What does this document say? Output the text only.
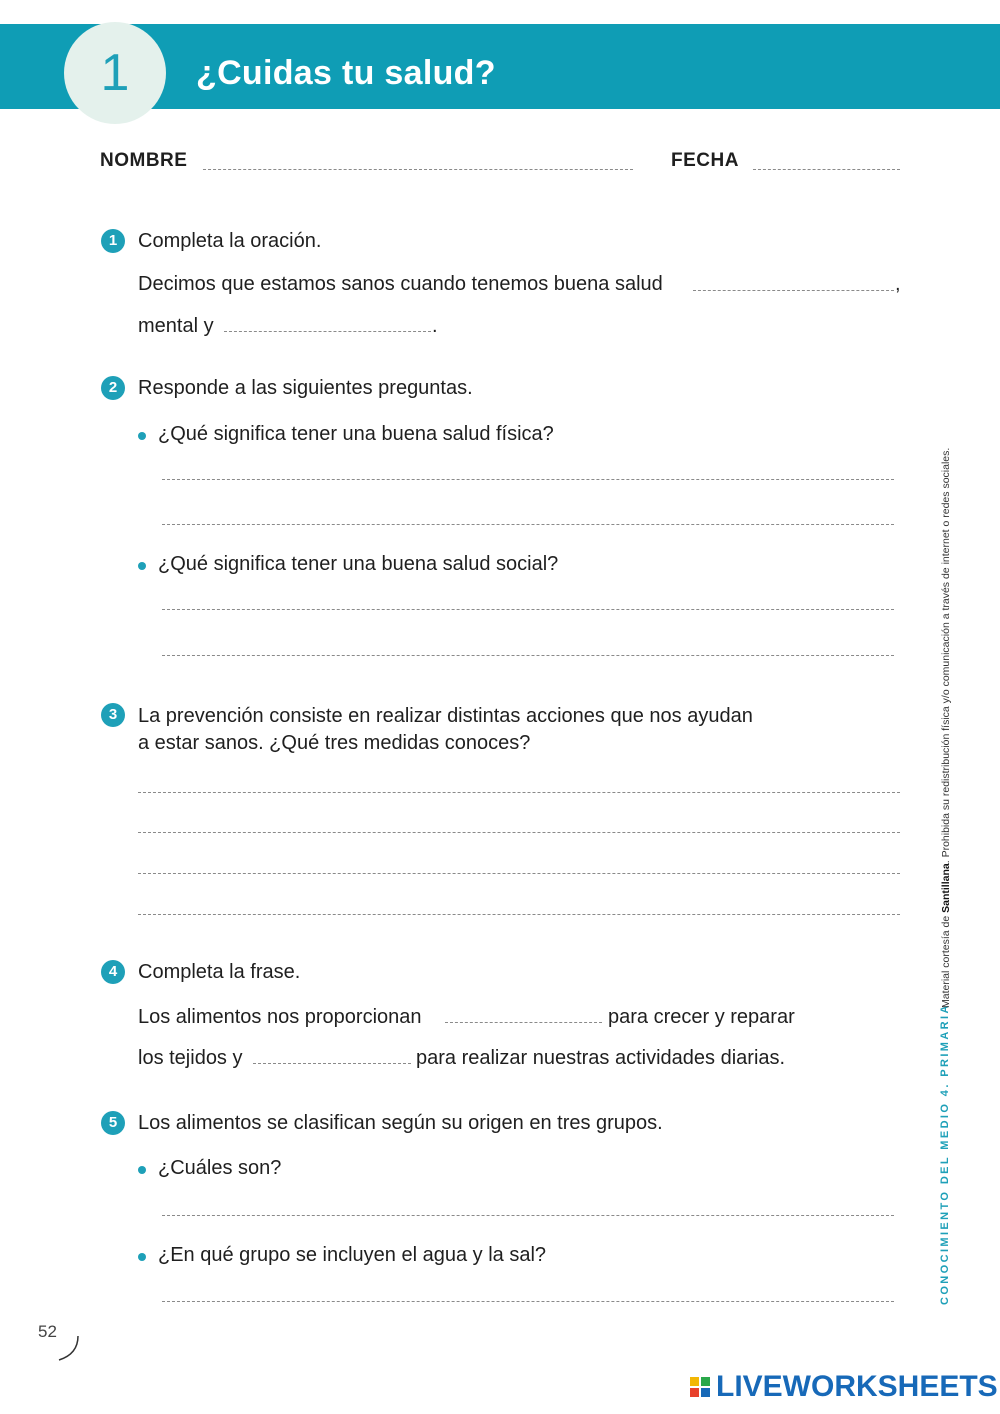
1 ¿Cuidas tu salud?
NOMBRE	FECHA
1	Completa la oración.
Decimos que estamos sanos cuando tenemos buena salud	,
mental y	.
2	Responde a las siguientes preguntas.
¿Qué significa tener una buena salud física?
¿Qué significa tener una buena salud social?
3	La prevención consiste en realizar distintas acciones que nos ayudan
a estar sanos. ¿Qué tres medidas conoces?
4	Completa la frase.
Los alimentos nos proporcionan	para crecer y reparar
los tejidos y	para realizar nuestras actividades diarias.
5	Los alimentos se clasifican según su origen en tres grupos.
¿Cuáles son?
¿En qué grupo se incluyen el agua y la sal?	CONOCIMIENTO DEL MEDIO 4. PRIMARIA
Material cortesía de Santillana. Prohibida su redistribución física y/o comunicación a través de internet o redes sociales.
52
LIVEWORKSHEETS
